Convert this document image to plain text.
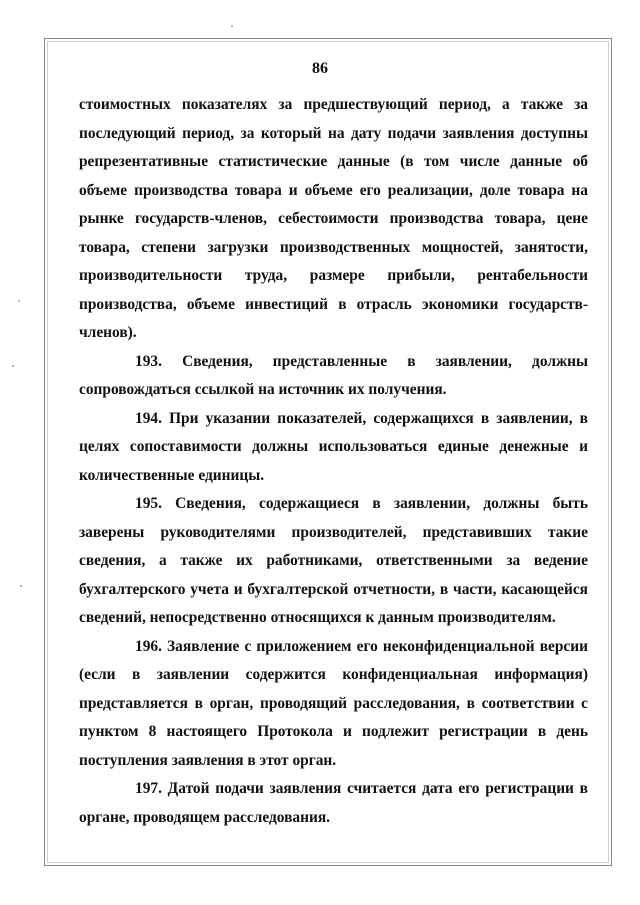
86

стоимостных показателях за предшествующий период, а также за последующий период, за который на дату подачи заявления доступны репрезентативные статистические данные (в том числе данные об объеме производства товара и объеме его реализации, доле товара на рынке государств-членов, себестоимости производства товара, цене товара, степени загрузки производственных мощностей, занятости, производительности труда, размере прибыли, рентабельности производства, объеме инвестиций в отрасль экономики государств-членов).

193. Сведения, представленные в заявлении, должны сопровождаться ссылкой на источник их получения.

194. При указании показателей, содержащихся в заявлении, в целях сопоставимости должны использоваться единые денежные и количественные единицы.

195. Сведения, содержащиеся в заявлении, должны быть заверены руководителями производителей, представивших такие сведения, а также их работниками, ответственными за ведение бухгалтерского учета и бухгалтерской отчетности, в части, касающейся сведений, непосредственно относящихся к данным производителям.

196. Заявление с приложением его неконфиденциальной версии (если в заявлении содержится конфиденциальная информация) представляется в орган, проводящий расследования, в соответствии с пунктом 8 настоящего Протокола и подлежит регистрации в день поступления заявления в этот орган.

197. Датой подачи заявления считается дата его регистрации в органе, проводящем расследования.
